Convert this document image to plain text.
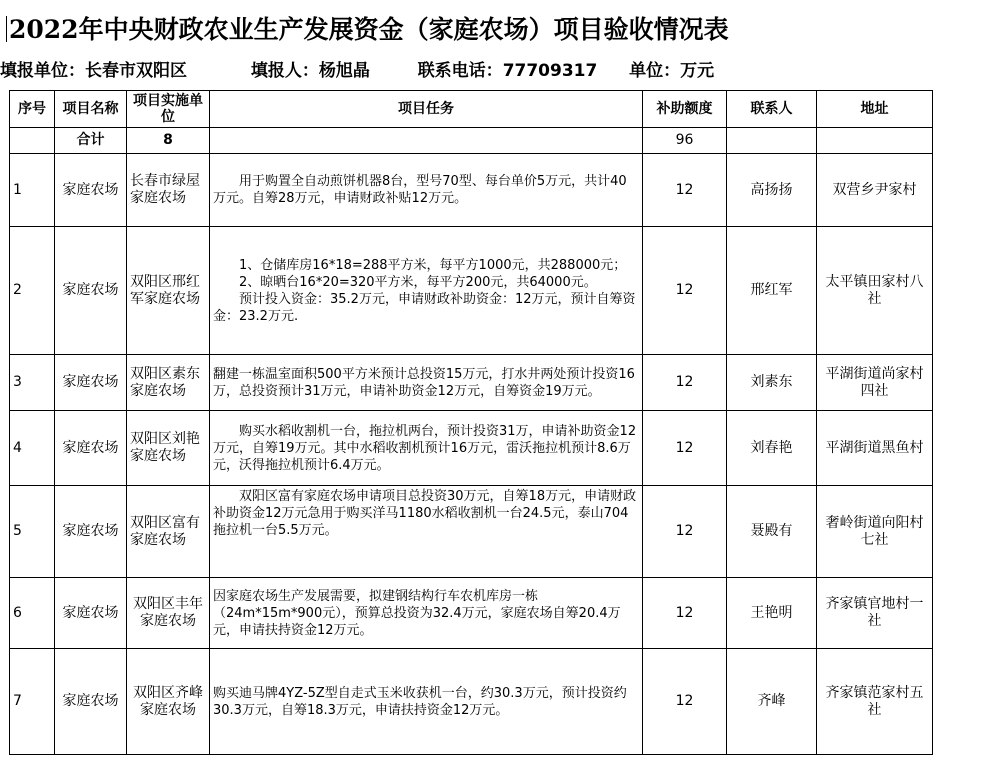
2022年中央财政农业生产发展资金（家庭农场）项目验收情况表
填报单位：长春市双阳区	填报人：杨旭晶	联系电话：77709317 单位：万元
序号	项目名称	项目实施单位	项目任务	补助额度	联系人	地址
	合计	8		96		
1	家庭农场	长春市绿屋家庭农场	用于购置全自动煎饼机器8台，型号70型、每台单价5万元，共计40万元。自筹28万元，申请财政补贴12万元。	12	高扬扬	双营乡尹家村
2	家庭农场	双阳区邢红军家庭农场	1、仓储库房16*18=288平方米，每平方1000元，共288000元；

2、晾晒台16*20=320平方米，每平方200元，共64000元。

预计投入资金：35.2万元，申请财政补助资金：12万元，预计自筹资金：23.2万元.	12	邢红军	太平镇田家村八社
3	家庭农场	双阳区素东家庭农场	翻建一栋温室面积500平方米预计总投资15万元，打水井两处预计投资16万，总投资预计31万元，申请补助资金12万元，自筹资金19万元。	12	刘素东	平湖街道尚家村四社
4	家庭农场	双阳区刘艳家庭农场	购买水稻收割机一台，拖拉机两台，预计投资31万，申请补助资金12万元，自筹19万元。其中水稻收割机预计16万元，雷沃拖拉机预计8.6万元，沃得拖拉机预计6.4万元。	12	刘春艳	平湖街道黑鱼村
5	家庭农场	双阳区富有家庭农场	双阳区富有家庭农场申请项目总投资30万元，自筹18万元，申请财政补助资金12万元急用于购买洋马1180水稻收割机一台24.5元，泰山704拖拉机一台5.5万元。	12	聂殿有	奢岭街道向阳村七社
6	家庭农场	双阳区丰年家庭农场	因家庭农场生产发展需要，拟建钢结构行车农机库房一栋（24m*15m*900元），预算总投资为32.4万元，家庭农场自筹20.4万元，申请扶持资金12万元。	12	王艳明	齐家镇官地村一社
7	家庭农场	双阳区齐峰家庭农场	购买迪马牌4YZ-5Z型自走式玉米收获机一台，约30.3万元，预计投资约30.3万元，自筹18.3万元，申请扶持资金12万元。	12	齐峰	齐家镇范家村五社
